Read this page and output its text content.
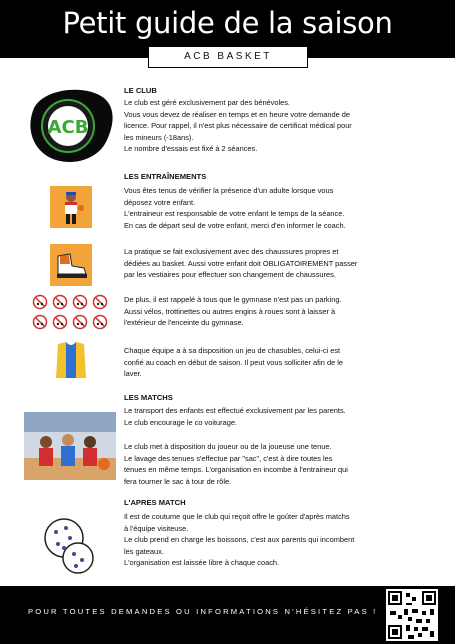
Petit guide de la saison
ACB BASKET
ACB
LE CLUB
Le club est géré exclusivement par des bénévoles.
Vous vous devez de réaliser en temps et en heure votre demande de
licence. Pour rappel, il n'est plus nécessaire de certificat médical pour
les mineurs (-18ans).
Le nombre d'essais est fixé à 2 séances.
LES ENTRAÎNEMENTS
Vous êtes tenus de vérifier la présence d'un adulte lorsque vous
déposez votre enfant.
L'entraineur est responsable de votre enfant le temps de la séance.
En cas de départ seul de votre enfant, merci d'en informer le coach.
La pratique se fait exclusivement avec des chaussures propres et
dédiées au basket. Aussi votre enfant doit OBLIGATOIREMENT passer
par les vestiaires pour effectuer son changement de chaussures.
De plus, il est rappelé à tous que le gymnase n'est pas un parking.
Aussi vélos, trottinettes ou autres engins à roues sont à laisser à
l'extérieur de l'enceinte du gymnase.
Chaque équipe a à sa disposition un jeu de chasubles, celui-ci est
confié au coach en début de saison. Il peut vous solliciter afin de le
laver.
LES MATCHS
Le transport des enfants est effectué exclusivement par les parents.
Le club encourage le co voiturage.
Le club met à disposition du joueur ou de la joueuse une tenue.
Le lavage des tenues s'effectue par "sac", c'est à dire toutes les
tenues en même temps. L'organisation en incombe à l'entraineur qui
fera tourner le sac à tour de rôle.
L'APRES MATCH
Il est de coutume que le club qui reçoit offre le goûter d'après matchs
à l'équipe visiteuse.
Le club prend en charge les boissons, c'est aux parents qui incombent
les gateaux.
L'organisation est laissée libre à chaque coach.
POUR TOUTES DEMANDES OU INFORMATIONS N'HÉSITEZ PAS !
